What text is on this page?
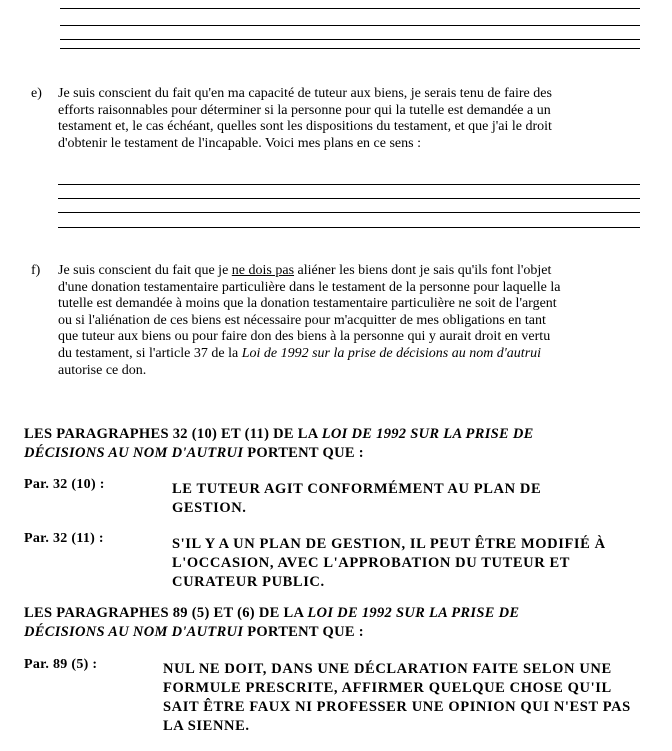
e) Je suis conscient du fait qu'en ma capacité de tuteur aux biens, je serais tenu de faire des
efforts raisonnables pour déterminer si la personne pour qui la tutelle est demandée a un
testament et, le cas échéant, quelles sont les dispositions du testament, et que j'ai le droit
d'obtenir le testament de l'incapable. Voici mes plans en ce sens :
f) Je suis conscient du fait que je ne dois pas aliéner les biens dont je sais qu'ils font l'objet
d'une donation testamentaire particulière dans le testament de la personne pour laquelle la
tutelle est demandée à moins que la donation testamentaire particulière ne soit de l'argent
ou si l'aliénation de ces biens est nécessaire pour m'acquitter de mes obligations en tant
que tuteur aux biens ou pour faire don des biens à la personne qui y aurait droit en vertu
du testament, si l'article 37 de la Loi de 1992 sur la prise de décisions au nom d'autrui
autorise ce don.

LES PARAGRAPHES 32 (10) ET (11) DE LA LOI DE 1992 SUR LA PRISE DE
DÉCISIONS AU NOM D'AUTRUI PORTENT QUE :

Par. 32 (10) :	LE TUTEUR AGIT CONFORMÉMENT AU PLAN DE GESTION.

Par. 32 (11) :	S'IL Y A UN PLAN DE GESTION, IL PEUT ÊTRE MODIFIÉ À L'OCCASION, AVEC L'APPROBATION DU TUTEUR ET CURATEUR PUBLIC.

LES PARAGRAPHES 89 (5) ET (6) DE LA LOI DE 1992 SUR LA PRISE DE
DÉCISIONS AU NOM D'AUTRUI PORTENT QUE :

Par. 89 (5) :	NUL NE DOIT, DANS UNE DÉCLARATION FAITE SELON UNE FORMULE PRESCRITE, AFFIRMER QUELQUE CHOSE QU'IL SAIT ÊTRE FAUX NI PROFESSER UNE OPINION QUI N'EST PAS LA SIENNE.
